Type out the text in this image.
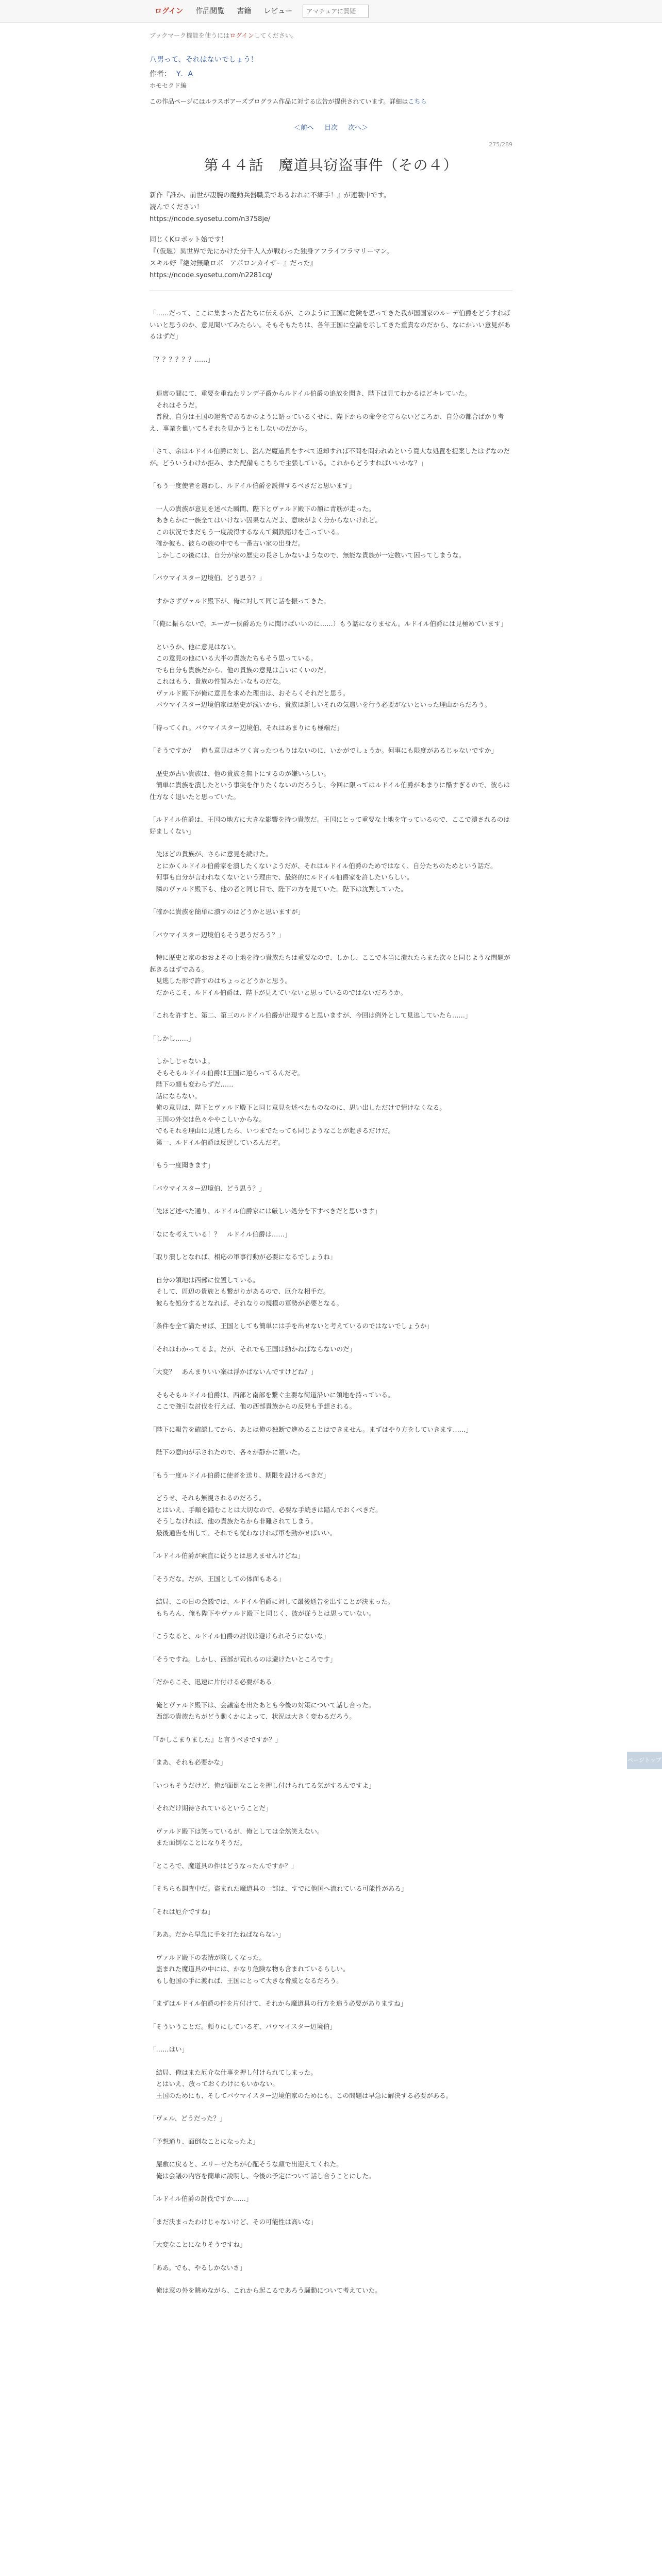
ログイン	作品閲覧	書籍	レビュー
アマチュアに質疑
ブックマーク機能を使うにはログインしてください。
八男って、それはないでしょう！
作者： Y．A
ホモセクド編
この作品ページにはルラスボアーズプログラム作品に対する広告が提供されています。詳細はこちら
＜前へ 目次 次へ＞
275/289
第４４話　魔道具窃盗事件（その４）
新作『誰か、前世が凄腕の魔動兵器職業であるおれに不細手！』が連載中です。
読んでください！
https://ncode.syosetu.com/n3758je/
同じくKロボット始です！
『（仮題）異世界で先にかけた分千人入が戦わった独身アフライフラマリーマン。
スキル好『絶対無敵ロボ　アポロンカイザー』だった』
https://ncode.syosetu.com/n2281cq/

「……だって、ここに集まった者たちに伝えるが、このように王国に危険を思ってきた我が国国家のルーデ伯爵をどうすればいいと思うのか、意見聞いてみたらい。そもそもたちは、各年王国に空論を示してきた重責なのだから、なにかいい意見があるはずだ」

「？？？？？？……」

　退席の間にて、重要を重ねたリンデ子爵からルドイル伯爵の追放を聞き、陛下は見てわかるほどキレていた。

　それはそうだ。

　普段、自分は王国の運営であるかのように語っているくせに、陛下からの命令を守らないどころか、自分の都合ばかり考え、事業を働いてもそれを見かうともしないのだから。

「さて、余はルドイル伯爵に対し、盗んだ魔道具をすべて返却すれば不問を問われぬという寛大な処置を提案したはずなのだが。どういうわけか拒み、また配備もこちらで主張している。これからどうすればいいかな？」

「もう一度使者を遣わし、ルドイル伯爵を説得するべきだと思います」

　一人の貴族が意見を述べた瞬間、陛下とヴァルド殿下の額に青筋が走った。

　あきらかに一族全てはいけない因果なんだよ、意味がよく分からないけれど。

　この状況でまだもう一度説得するなんて鋼鉄賭けを言っている。

　確か彼も、彼らの族の中でも一番古い家の出身だ。

　しかしこの後には、自分が家の歴史の長さしかないようなので、無能な貴族が一定数いて困ってしまうな。

「バウマイスター辺境伯、どう思う？」

　すかさずヴァルド殿下が、俺に対して同じ話を振ってきた。

「（俺に振らないで。エーガー侯爵あたりに聞けばいいのに……）もう話になりません。ルドイル伯爵には見極めています」

　というか、他に意見はない。

　この意見の他にいる大半の貴族たちもそう思っている。

　でも自分も貴族だから、他の貴族の意見は言いにくいのだ。

　これはもう、貴族の性質みたいなものだな。

　ヴァルド殿下が俺に意見を求めた理由は、おそらくそれだと思う。

　バウマイスター辺境伯家は歴史が浅いから、貴族は新しいそれの気遣いを行う必要がないといった理由からだろう。

「待ってくれ。バウマイスター辺境伯、それはあまりにも極端だ」

「そうですか？　俺も意見はキツく言ったつもりはないのに、いかがでしょうか。何事にも限度があるじゃないですか」

　歴史が古い貴族は、他の貴族を無下にするのが嫌いらしい。

　簡単に貴族を潰したという事実を作りたくないのだろうし、今回に限ってはルドイル伯爵があまりに酷すぎるので、彼らは仕方なく退いたと思っていた。

「ルドイル伯爵は、王国の地方に大きな影響を持つ貴族だ。王国にとって重要な土地を守っているので、ここで潰されるのは好ましくない」

　先ほどの貴族が、さらに意見を続けた。

　とにかくルドイル伯爵家を潰したくないようだが、それはルドイル伯爵のためではなく、自分たちのためという話だ。

　何事も自分が言われなくないという理由で、最終的にルドイル伯爵家を許したいらしい。

　隣のヴァルド殿下も、他の者と同じ目で、陛下の方を見ていた。陛下は沈黙していた。

「確かに貴族を簡単に潰すのはどうかと思いますが」

「バウマイスター辺境伯もそう思うだろう？」

　特に歴史と家のおおよその土地を持つ貴族たちは重要なので、しかし、ここで本当に潰れたらまた次々と同じような問題が起きるはずである。

　見逃した形で許すのはちょっとどうかと思う。

　だからこそ、ルドイル伯爵は、陛下が見えていないと思っているのではないだろうか。

「これを許すと、第二、第三のルドイル伯爵が出現すると思いますが、今回は例外として見逃していたら……」

「しかし……」

　しかしじゃないよ。

　そもそもルドイル伯爵は王国に逆らってるんだぞ。

　陛下の顔も変わらずだ……

　話にならない。

　俺の意見は、陛下とヴァルド殿下と同じ意見を述べたものなのに、思い出しただけで情けなくなる。

　王国の外交は色々ややこしいからな。

　でもそれを理由に見逃したら、いつまでたっても同じようなことが起きるだけだ。

　第一、ルドイル伯爵は反逆しているんだぞ。

「もう一度聞きます」

「バウマイスター辺境伯、どう思う？」

「先ほど述べた通り、ルドイル伯爵家には厳しい処分を下すべきだと思います」

「なにを考えている！？　ルドイル伯爵は……」

「取り潰しとなれば、相応の軍事行動が必要になるでしょうね」

　自分の領地は西部に位置している。

　そして、周辺の貴族とも繋がりがあるので、厄介な相手だ。

　彼らを処分するとなれば、それなりの規模の軍勢が必要となる。

「条件を全て満たせば、王国としても簡単には手を出せないと考えているのではないでしょうか」

「それはわかってるよ。だが、それでも王国は動かねばならないのだ」

「大変？　あんまりいい案は浮かばないんですけどね？」

　そもそもルドイル伯爵は、西部と南部を繋ぐ主要な街道沿いに領地を持っている。

　ここで強引な討伐を行えば、他の西部貴族からの反発も予想される。

「陛下に報告を確認してから、あとは俺の独断で進めることはできません。まずはやり方をしていきます……」

　陛下の意向が示されたので、各々が静かに頷いた。

「もう一度ルドイル伯爵に使者を送り、期限を設けるべきだ」

　どうせ、それも無視されるのだろう。

　とはいえ、手順を踏むことは大切なので、必要な手続きは踏んでおくべきだ。

　そうしなければ、他の貴族たちから非難されてしまう。

　最後通告を出して、それでも従わなければ軍を動かせばいい。

「ルドイル伯爵が素直に従うとは思えませんけどね」

「そうだな。だが、王国としての体面もある」

　結局、この日の会議では、ルドイル伯爵に対して最後通告を出すことが決まった。

　もちろん、俺も陛下やヴァルド殿下と同じく、彼が従うとは思っていない。

「こうなると、ルドイル伯爵の討伐は避けられそうにないな」

「そうですね。しかし、西部が荒れるのは避けたいところです」

「だからこそ、迅速に片付ける必要がある」

　俺とヴァルド殿下は、会議室を出たあとも今後の対策について話し合った。

　西部の貴族たちがどう動くかによって、状況は大きく変わるだろう。

「『かしこまりました』と言うべきですか？」

「まあ、それも必要かな」

「いつもそうだけど、俺が面倒なことを押し付けられてる気がするんですよ」

「それだけ期待されているということだ」

　ヴァルド殿下は笑っているが、俺としては全然笑えない。

　また面倒なことになりそうだ。

「ところで、魔道具の件はどうなったんですか？」

「そちらも調査中だ。盗まれた魔道具の一部は、すでに他国へ流れている可能性がある」

「それは厄介ですね」

「ああ。だから早急に手を打たねばならない」

　ヴァルド殿下の表情が険しくなった。

　盗まれた魔道具の中には、かなり危険な物も含まれているらしい。

　もし他国の手に渡れば、王国にとって大きな脅威となるだろう。

「まずはルドイル伯爵の件を片付けて、それから魔道具の行方を追う必要がありますね」

「そういうことだ。頼りにしているぞ、バウマイスター辺境伯」

「……はい」

　結局、俺はまた厄介な仕事を押し付けられてしまった。

　とはいえ、放っておくわけにもいかない。

　王国のためにも、そしてバウマイスター辺境伯家のためにも、この問題は早急に解決する必要がある。

「ヴェル、どうだった？」

「予想通り、面倒なことになったよ」

　屋敷に戻ると、エリーゼたちが心配そうな顔で出迎えてくれた。

　俺は会議の内容を簡単に説明し、今後の予定について話し合うことにした。

「ルドイル伯爵の討伐ですか……」

「まだ決まったわけじゃないけど、その可能性は高いな」

「大変なことになりそうですね」

「ああ。でも、やるしかないさ」

　俺は窓の外を眺めながら、これから起こるであろう騒動について考えていた。

ページトップへ
